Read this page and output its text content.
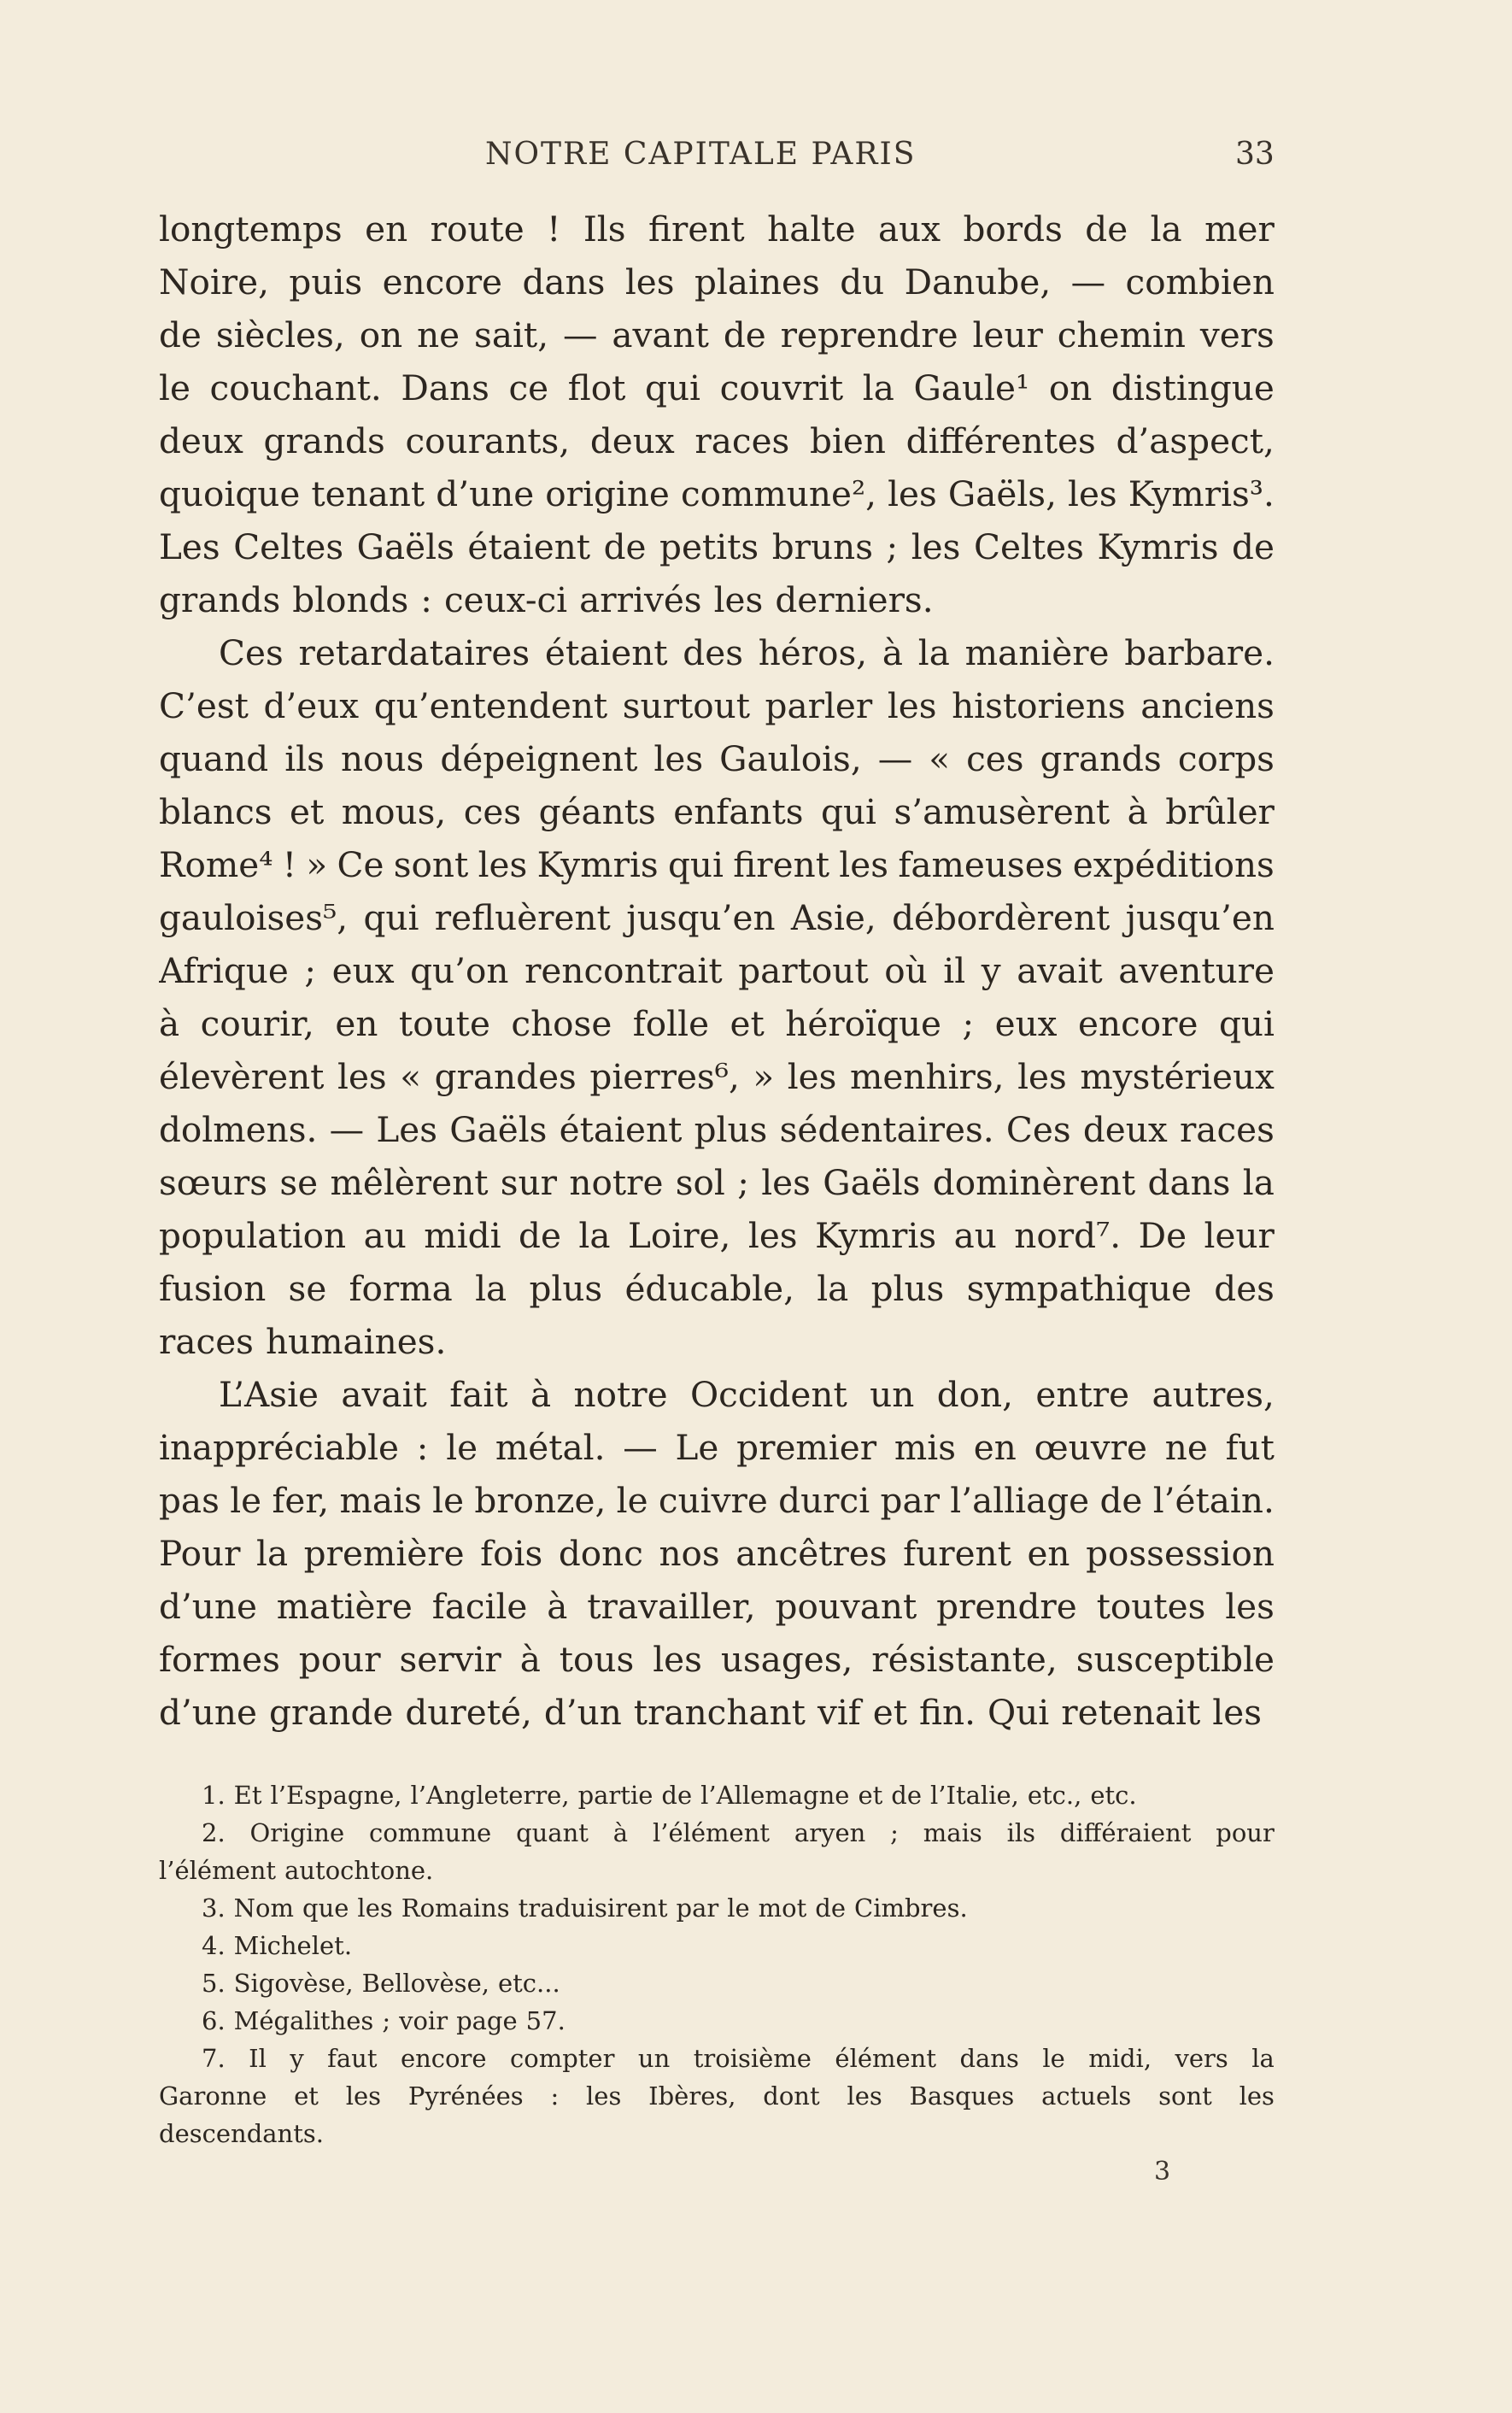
NOTRE CAPITALE PARIS	33
longtemps en route ! Ils firent halte aux bords de la mer
Noire, puis encore dans les plaines du Danube, — combien
de siècles, on ne sait, — avant de reprendre leur chemin vers
le couchant. Dans ce flot qui couvrit la Gaule¹ on distingue
deux grands courants, deux races bien différentes d’aspect,
quoique tenant d’une origine commune², les Gaëls, les Kymris³.
Les Celtes Gaëls étaient de petits bruns ; les Celtes Kymris de
grands blonds : ceux-ci arrivés les derniers.
Ces retardataires étaient des héros, à la manière barbare.
C’est d’eux qu’entendent surtout parler les historiens anciens
quand ils nous dépeignent les Gaulois, — « ces grands corps
blancs et mous, ces géants enfants qui s’amusèrent à brûler
Rome⁴ ! » Ce sont les Kymris qui firent les fameuses expéditions
gauloises⁵, qui refluèrent jusqu’en Asie, débordèrent jusqu’en
Afrique ; eux qu’on rencontrait partout où il y avait aventure
à courir, en toute chose folle et héroïque ; eux encore qui
élevèrent les « grandes pierres⁶, » les menhirs, les mystérieux
dolmens. — Les Gaëls étaient plus sédentaires. Ces deux races
sœurs se mêlèrent sur notre sol ; les Gaëls dominèrent dans la
population au midi de la Loire, les Kymris au nord⁷. De leur
fusion se forma la plus éducable, la plus sympathique des
races humaines.
L’Asie avait fait à notre Occident un don, entre autres,
inappréciable : le métal. — Le premier mis en œuvre ne fut
pas le fer, mais le bronze, le cuivre durci par l’alliage de l’étain.
Pour la première fois donc nos ancêtres furent en possession
d’une matière facile à travailler, pouvant prendre toutes les
formes pour servir à tous les usages, résistante, susceptible
d’une grande dureté, d’un tranchant vif et fin. Qui retenait les
1. Et l’Espagne, l’Angleterre, partie de l’Allemagne et de l’Italie, etc., etc.
2. Origine commune quant à l’élément aryen ; mais ils différaient pour
l’élément autochtone.
3. Nom que les Romains traduisirent par le mot de Cimbres.
4. Michelet.
5. Sigovèse, Bellovèse, etc...
6. Mégalithes ; voir page 57.
7. Il y faut encore compter un troisième élément dans le midi, vers la
Garonne et les Pyrénées : les Ibères, dont les Basques actuels sont les
descendants.
3
